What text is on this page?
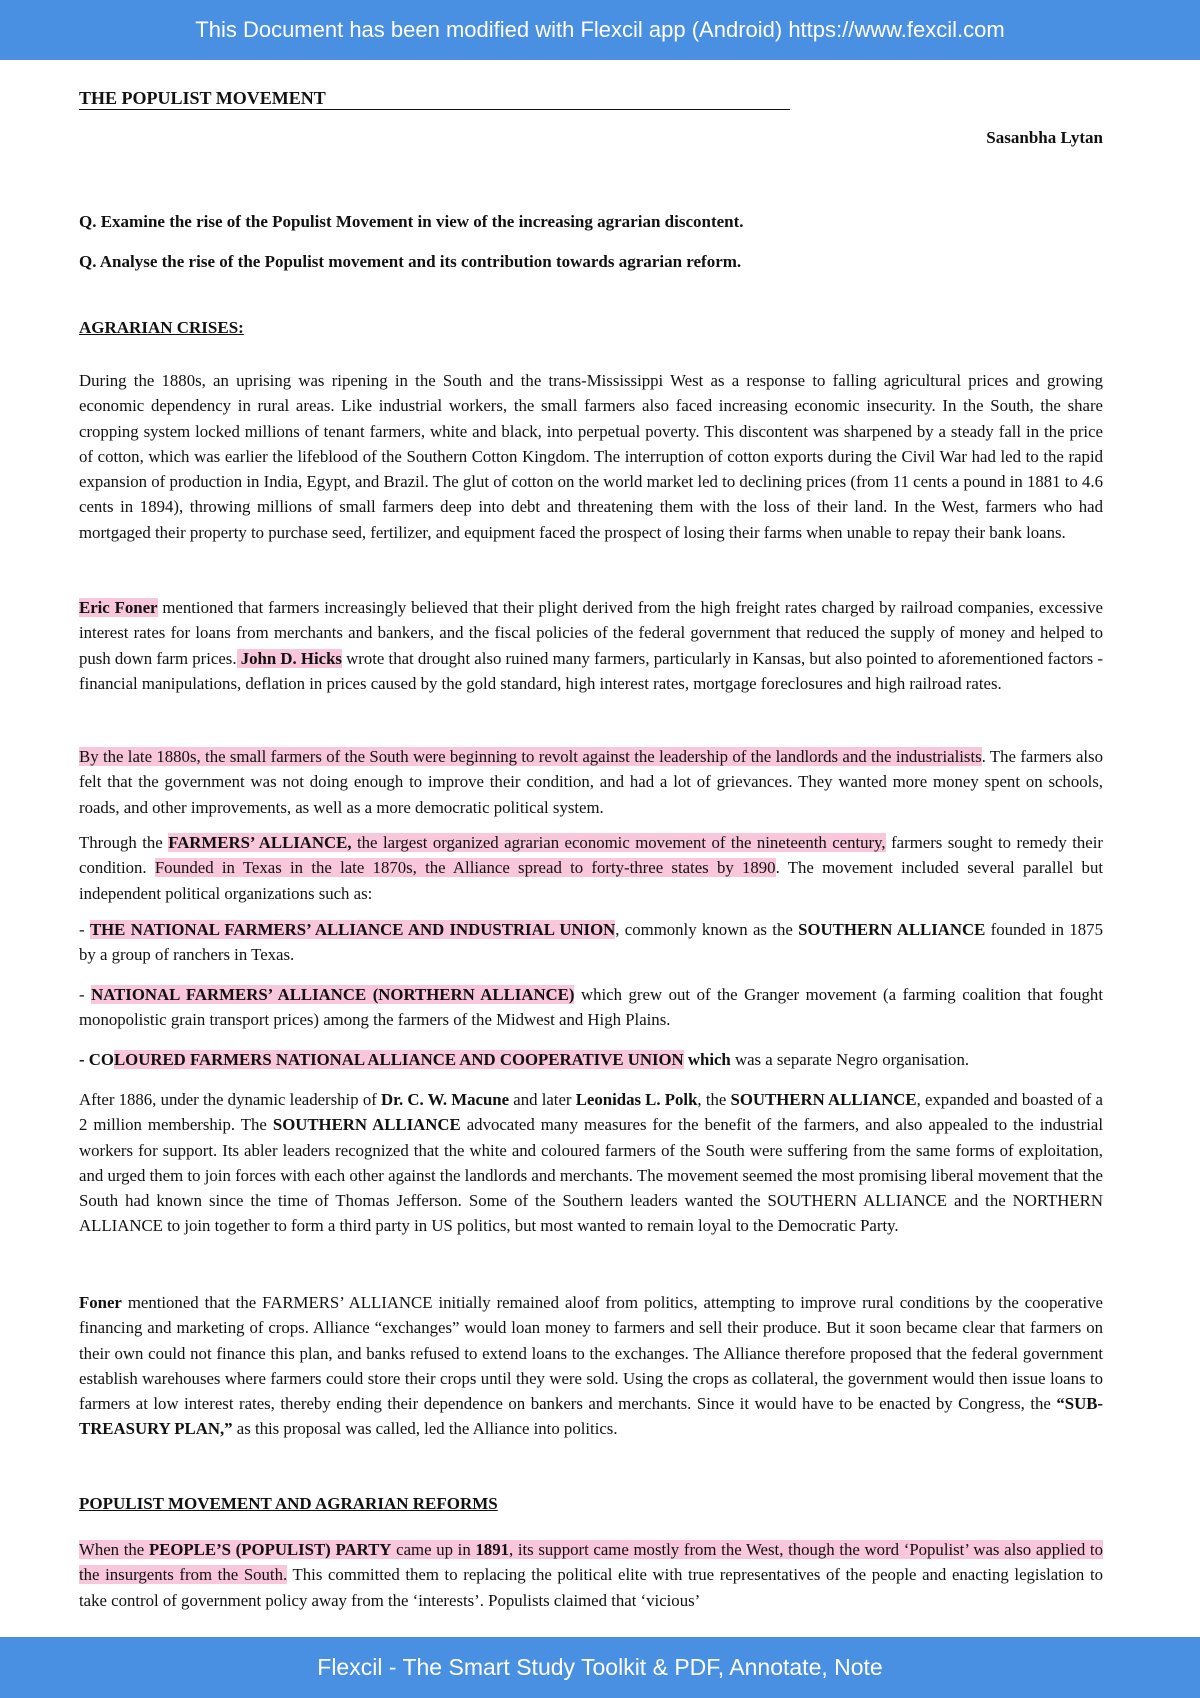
This Document has been modified with Flexcil app (Android) https://www.fexcil.com
THE POPULIST MOVEMENT
Sasanbha Lytan
Q. Examine the rise of the Populist Movement in view of the increasing agrarian discontent.
Q. Analyse the rise of the Populist movement and its contribution towards agrarian reform.
AGRARIAN CRISES:
During the 1880s, an uprising was ripening in the South and the trans-Mississippi West as a response to falling agricultural prices and growing economic dependency in rural areas. Like industrial workers, the small farmers also faced increasing economic insecurity. In the South, the share cropping system locked millions of tenant farmers, white and black, into perpetual poverty. This discontent was sharpened by a steady fall in the price of cotton, which was earlier the lifeblood of the Southern Cotton Kingdom. The interruption of cotton exports during the Civil War had led to the rapid expansion of production in India, Egypt, and Brazil. The glut of cotton on the world market led to declining prices (from 11 cents a pound in 1881 to 4.6 cents in 1894), throwing millions of small farmers deep into debt and threatening them with the loss of their land. In the West, farmers who had mortgaged their property to purchase seed, fertilizer, and equipment faced the prospect of losing their farms when unable to repay their bank loans.
Eric Foner mentioned that farmers increasingly believed that their plight derived from the high freight rates charged by railroad companies, excessive interest rates for loans from merchants and bankers, and the fiscal policies of the federal government that reduced the supply of money and helped to push down farm prices. John D. Hicks wrote that drought also ruined many farmers, particularly in Kansas, but also pointed to aforementioned factors - financial manipulations, deflation in prices caused by the gold standard, high interest rates, mortgage foreclosures and high railroad rates.
By the late 1880s, the small farmers of the South were beginning to revolt against the leadership of the landlords and the industrialists. The farmers also felt that the government was not doing enough to improve their condition, and had a lot of grievances. They wanted more money spent on schools, roads, and other improvements, as well as a more democratic political system.
Through the FARMERS’ ALLIANCE, the largest organized agrarian economic movement of the nineteenth century, farmers sought to remedy their condition. Founded in Texas in the late 1870s, the Alliance spread to forty-three states by 1890. The movement included several parallel but independent political organizations such as:
- THE NATIONAL FARMERS’ ALLIANCE AND INDUSTRIAL UNION, commonly known as the SOUTHERN ALLIANCE founded in 1875 by a group of ranchers in Texas.
- NATIONAL FARMERS’ ALLIANCE (NORTHERN ALLIANCE) which grew out of the Granger movement (a farming coalition that fought monopolistic grain transport prices) among the farmers of the Midwest and High Plains.
- COLOURED FARMERS NATIONAL ALLIANCE AND COOPERATIVE UNION which was a separate Negro organisation.
After 1886, under the dynamic leadership of Dr. C. W. Macune and later Leonidas L. Polk, the SOUTHERN ALLIANCE, expanded and boasted of a 2 million membership. The SOUTHERN ALLIANCE advocated many measures for the benefit of the farmers, and also appealed to the industrial workers for support. Its abler leaders recognized that the white and coloured farmers of the South were suffering from the same forms of exploitation, and urged them to join forces with each other against the landlords and merchants. The movement seemed the most promising liberal movement that the South had known since the time of Thomas Jefferson. Some of the Southern leaders wanted the SOUTHERN ALLIANCE and the NORTHERN ALLIANCE to join together to form a third party in US politics, but most wanted to remain loyal to the Democratic Party.
Foner mentioned that the FARMERS’ ALLIANCE initially remained aloof from politics, attempting to improve rural conditions by the cooperative financing and marketing of crops. Alliance “exchanges” would loan money to farmers and sell their produce. But it soon became clear that farmers on their own could not finance this plan, and banks refused to extend loans to the exchanges. The Alliance therefore proposed that the federal government establish warehouses where farmers could store their crops until they were sold. Using the crops as collateral, the government would then issue loans to farmers at low interest rates, thereby ending their dependence on bankers and merchants. Since it would have to be enacted by Congress, the “SUB-TREASURY PLAN,” as this proposal was called, led the Alliance into politics.
POPULIST MOVEMENT AND AGRARIAN REFORMS
When the PEOPLE’S (POPULIST) PARTY came up in 1891, its support came mostly from the West, though the word ‘Populist’ was also applied to the insurgents from the South. This committed them to replacing the political elite with true representatives of the people and enacting legislation to take control of government policy away from the ‘interests’. Populists claimed that ‘vicious’
Flexcil - The Smart Study Toolkit & PDF, Annotate, Note
